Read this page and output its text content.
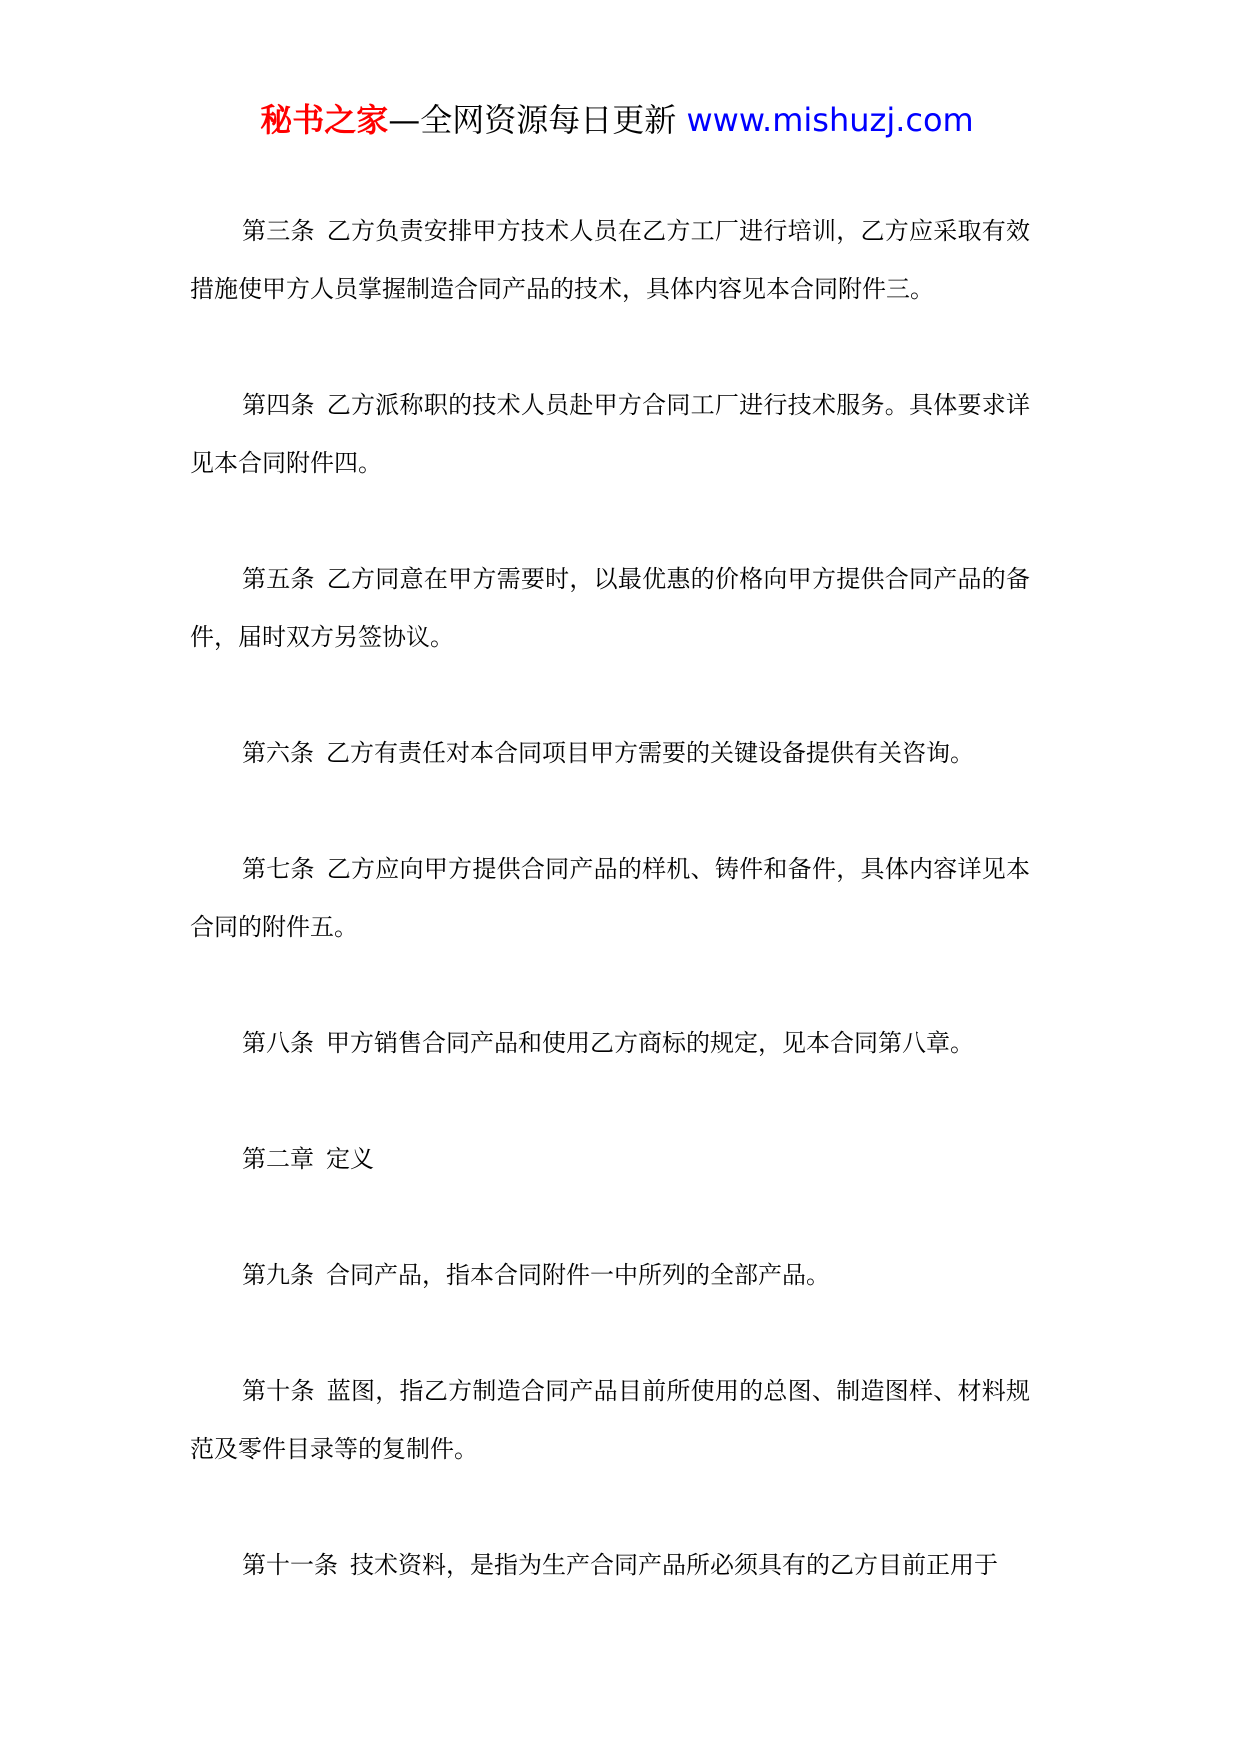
秘书之家—全网资源每日更新 www.mishuzj.com

第三条 乙方负责安排甲方技术人员在乙方工厂进行培训，乙方应采取有效措施使甲方人员掌握制造合同产品的技术，具体内容见本合同附件三。

第四条 乙方派称职的技术人员赴甲方合同工厂进行技术服务。具体要求详见本合同附件四。

第五条 乙方同意在甲方需要时，以最优惠的价格向甲方提供合同产品的备件，届时双方另签协议。

第六条 乙方有责任对本合同项目甲方需要的关键设备提供有关咨询。

第七条 乙方应向甲方提供合同产品的样机、铸件和备件，具体内容详见本合同的附件五。

第八条 甲方销售合同产品和使用乙方商标的规定，见本合同第八章。

第二章 定义

第九条 合同产品，指本合同附件一中所列的全部产品。

第十条 蓝图，指乙方制造合同产品目前所使用的总图、制造图样、材料规范及零件目录等的复制件。

第十一条 技术资料，是指为生产合同产品所必须具有的乙方目前正用于
